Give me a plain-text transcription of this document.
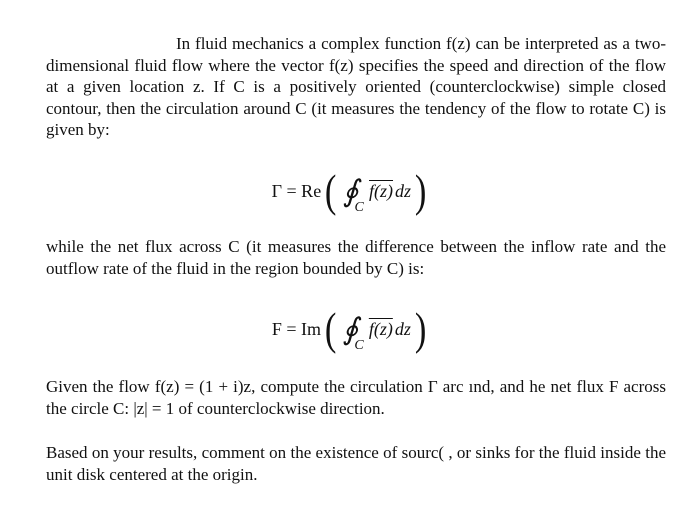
In fluid mechanics a complex function f(z) can be interpreted as a two-dimensional fluid flow where the vector f(z) specifies the speed and direction of the flow at a given location z. If C is a positively oriented (counterclockwise) simple closed contour, then the circulation around C (it measures the tendency of the flow to rotate C) is given by:
Γ = Re ( ∮
C

f(z) dz )
while the net flux across C (it measures the difference between the inflow rate and the outflow rate of the fluid in the region bounded by C) is:
F = Im ( ∮
C

f(z) dz )
Given the flow f(z) = (1 + i)z, compute the circulation Γ arc ınd, and he net flux F across the circle C: |z| = 1 of counterclockwise direction.
Based on your results, comment on the existence of sourc( , or sinks for the fluid inside the unit disk centered at the origin.
